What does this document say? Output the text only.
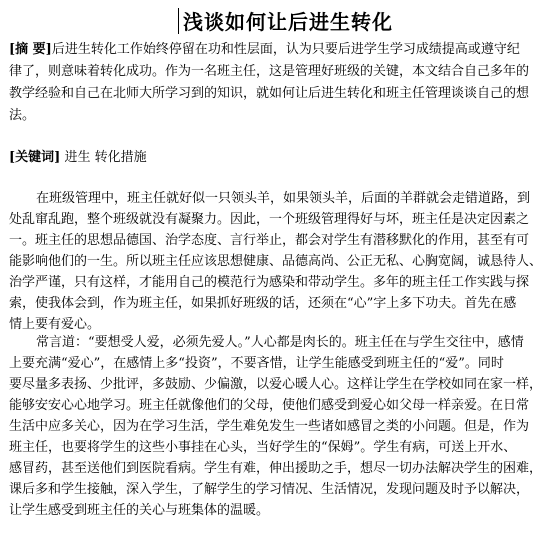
浅谈如何让后进生转化
[摘 要]后进生转化工作始终停留在功和性层面，认为只要后进学生学习成绩提高或遵守纪
律了，则意味着转化成功。作为一名班主任，这是管理好班级的关键，本文结合自己多年的
教学经验和自己在北师大所学习到的知识，就如何让后进生转化和班主任管理谈谈自己的想
法。
[关键词] 进生 转化措施
在班级管理中，班主任就好似一只领头羊，如果领头羊，后面的羊群就会走错道路，到
处乱窜乱跑，整个班级就没有凝聚力。因此，一个班级管理得好与坏，班主任是决定因素之
一。班主任的思想品德国、治学态度、言行举止，都会对学生有潜移默化的作用，甚至有可
能影响他们的一生。所以班主任应该思想健康、品德高尚、公正无私、心胸宽阔，诚恳待人、
治学严谨，只有这样，才能用自己的模范行为感染和带动学生。多年的班主任工作实践与探
索，使我体会到，作为班主任，如果抓好班级的话，还须在“心”字上多下功夫。首先在感
情上要有爱心。
常言道：“要想受人爱，必须先爱人。”人心都是肉长的。班主任在与学生交往中，感情
上要充满“爱心”，在感情上多“投资”，不要吝惜，让学生能感受到班主任的“爱”。同时
要尽量多表扬、少批评，多鼓励、少偏激，以爱心暖人心。这样让学生在学校如同在家一样，
能够安安心心地学习。班主任就像他们的父母，使他们感受到爱心如父母一样亲爱。在日常
生活中应多关心，因为在学习生活，学生难免发生一些诸如感冒之类的小问题。但是，作为
班主任，也要将学生的这些小事挂在心头，当好学生的“保姆”。学生有病，可送上开水、
感冒药，甚至送他们到医院看病。学生有难，伸出援助之手，想尽一切办法解决学生的困难，
课后多和学生接触，深入学生，了解学生的学习情况、生活情况，发现问题及时予以解决，
让学生感受到班主任的关心与班集体的温暖。
